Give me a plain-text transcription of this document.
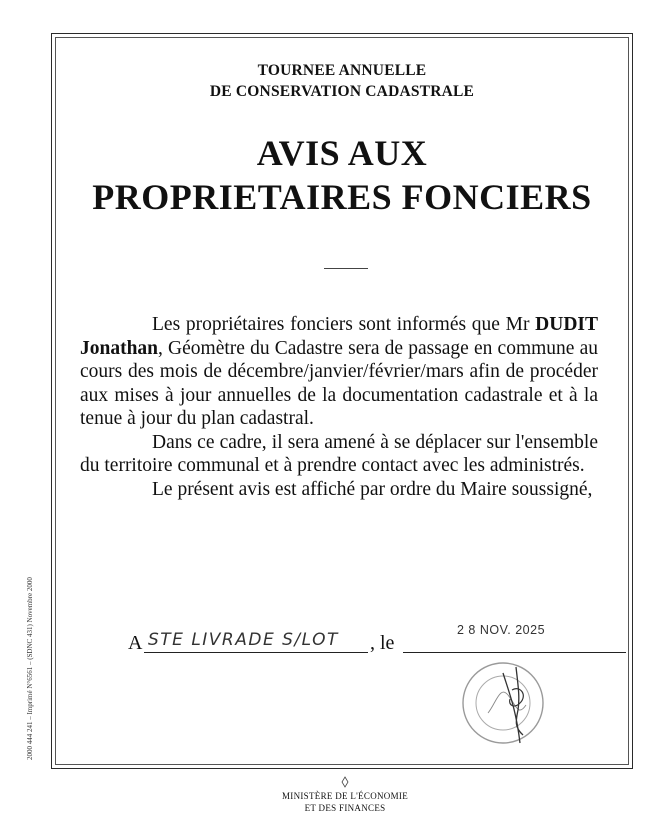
TOURNEE ANNUELLE
DE CONSERVATION CADASTRALE
AVIS AUX
PROPRIETAIRES FONCIERS

Les propriétaires fonciers sont informés que Mr DUDIT Jonathan, Géomètre du Cadastre sera de passage en commune au cours des mois de décembre/janvier/février/mars afin de procéder aux mises à jour annuelles de la documentation cadastrale et à la tenue à jour du plan cadastral.

Dans ce cadre, il sera amené à se déplacer sur l'ensemble du territoire communal et à prendre contact avec les administrés.

Le présent avis est affiché par ordre du Maire soussigné,

A STE LIVRADE S/LOT , le
2 8 NOV. 2025
2000 444 241 – Imprimé N°6561 – (SDNC 431) Novembre 2000
MINISTÈRE DE L'ÉCONOMIE
ET DES FINANCES
